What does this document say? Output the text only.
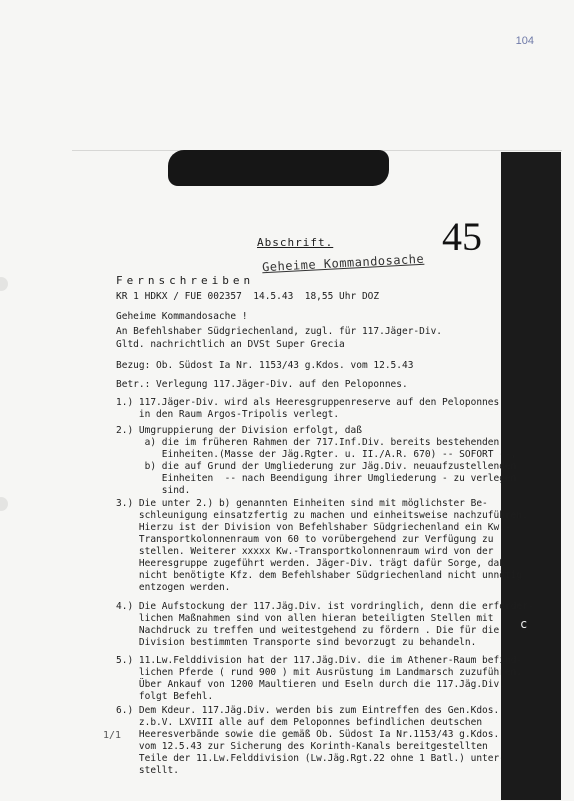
104
45
Abschrift.
Geheime Kommandosache
Fernschreiben
KR 1 HDKX / FUE 002357  14.5.43  18,55 Uhr DOZ
Geheime Kommandosache !
An Befehlshaber Südgriechenland, zugl. für 117.Jäger-Div.
Gltd. nachrichtlich an DVSt Super Grecia
Bezug: Ob. Südost Ia Nr. 1153/43 g.Kdos. vom 12.5.43
Betr.: Verlegung 117.Jäger-Div. auf den Peloponnes.
1.) 117.Jäger-Div. wird als Heeresgruppenreserve auf den Peloponnes
in den Raum Argos-Tripolis verlegt.
2.) Umgruppierung der Division erfolgt, daß
a) die im früheren Rahmen der 717.Inf.Div. bereits bestehenden
Einheiten.(Masse der Jäg.Rgter. u. II./A.R. 670) -- SOFORT --,
b) die auf Grund der Umgliederung zur Jäg.Div. neuaufzustellenden
Einheiten  -- nach Beendigung ihrer Umgliederung - zu verlegen
sind.
3.) Die unter 2.) b) genannten Einheiten sind mit möglichster Be-
schleunigung einsatzfertig zu machen und einheitsweise nachzuführen.
Hierzu ist der Division von Befehlshaber Südgriechenland ein Kw.-
Transportkolonnenraum von 60 to vorübergehend zur Verfügung zu
stellen. Weiterer xxxxx Kw.-Transportkolonnenraum wird von der
Heeresgruppe zugeführt werden. Jäger-Div. trägt dafür Sorge, daß
nicht benötigte Kfz. dem Befehlshaber Südgriechenland nicht unnötig
entzogen werden.
4.) Die Aufstockung der 117.Jäg.Div. ist vordringlich, denn die erforder-
lichen Maßnahmen sind von allen hieran beteiligten Stellen mit
Nachdruck zu treffen und weitestgehend zu fördern . Die für die
Division bestimmten Transporte sind bevorzugt zu behandeln.
5.) 11.Lw.Felddivision hat der 117.Jäg.Div. die im Athener-Raum befind-
lichen Pferde ( rund 900 ) mit Ausrüstung im Landmarsch zuzuführen.
Über Ankauf von 1200 Maultieren und Eseln durch die 117.Jäg.Div.
folgt Befehl.
6.) Dem Kdeur. 117.Jäg.Div. werden bis zum Eintreffen des Gen.Kdos.
z.b.V. LXVIII alle auf dem Peloponnes befindlichen deutschen
Heeresverbände sowie die gemäß Ob. Südost Ia Nr.1153/43 g.Kdos.
vom 12.5.43 zur Sicherung des Korinth-Kanals bereitgestellten
Teile der 11.Lw.Felddivision (Lw.Jäg.Rgt.22 ohne 1 Batl.) unter-
stellt.
c
1/1
